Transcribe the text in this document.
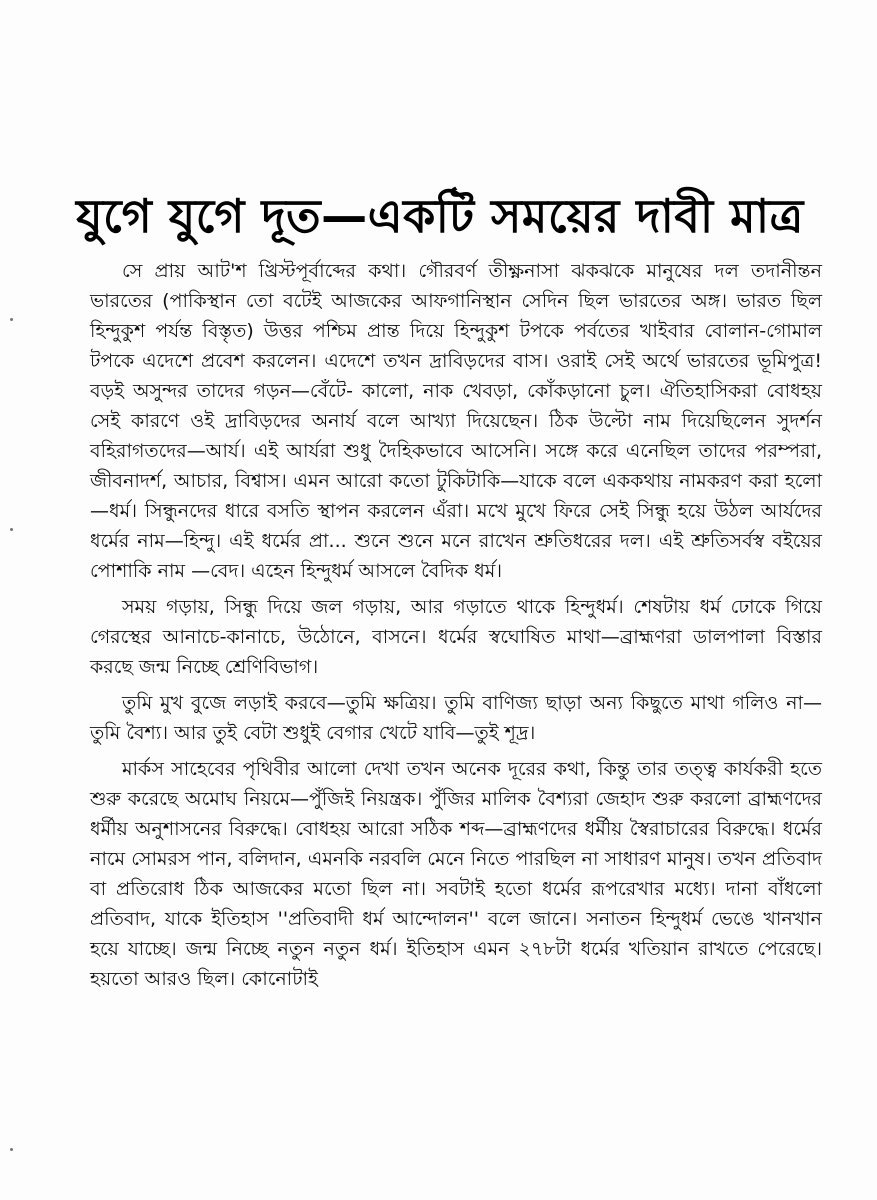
যুগে যুগে দূত—একটি সময়ের দাবী মাত্র

সে প্রায় আট'শ খ্রিস্টপূর্বাব্দের কথা। গৌরবর্ণ তীক্ষ্ণনাসা ঝকঝকে মানুষের দল তদানীন্তন ভারতের (পাকিস্থান তো বটেই আজকের আফগানিস্থান সেদিন ছিল ভারতের অঙ্গ। ভারত ছিল হিন্দুকুশ পর্যন্ত বিস্তৃত) উত্তর পশ্চিম প্রান্ত দিয়ে হিন্দুকুশ টপকে পর্বতের খাইবার বোলান-গোমাল টপকে এদেশে প্রবেশ করলেন। এদেশে তখন দ্রাবিড়দের বাস। ওরাই সেই অর্থে ভারতের ভূমিপুত্র! বড়ই অসুন্দর তাদের গড়ন—বেঁটে- কালো, নাক খেবড়া, কোঁকড়ানো চুল। ঐতিহাসিকরা বোধহয় সেই কারণে ওই দ্রাবিড়দের অনার্য বলে আখ্যা দিয়েছেন। ঠিক উল্টো নাম দিয়েছিলেন সুদর্শন বহিরাগতদের—আর্য। এই আর্যরা শুধু দৈহিকভাবে আসেনি। সঙ্গে করে এনেছিল তাদের পরম্পরা, জীবনাদর্শ, আচার, বিশ্বাস। এমন আরো কতো টুকিটাকি—যাকে বলে এককথায় নামকরণ করা হলো—ধর্ম। সিন্ধুনদের ধারে বসতি স্থাপন করলেন এঁরা। মখে মুখে ফিরে সেই সিন্ধু হয়ে উঠল আর্যদের ধর্মের নাম—হিন্দু। এই ধর্মের প্রা... শুনে শুনে মনে রাখেন শ্রুতিধরের দল। এই শ্রুতিসর্বস্ব বইয়ের পোশাকি নাম —বেদ। এহেন হিন্দুধর্ম আসলে বৈদিক ধর্ম।

সময় গড়ায়, সিন্ধু দিয়ে জল গড়ায়, আর গড়াতে থাকে হিন্দুধর্ম। শেষটায় ধর্ম ঢোকে গিয়ে গেরস্থের আনাচে-কানাচে, উঠোনে, বাসনে। ধর্মের স্বঘোষিত মাথা—ব্রাহ্মণরা ডালপালা বিস্তার করছে জন্ম নিচ্ছে শ্রেণিবিভাগ।

তুমি মুখ বুজে লড়াই করবে—তুমি ক্ষত্রিয়। তুমি বাণিজ্য ছাড়া অন্য কিছুতে মাথা গলিও না—তুমি বৈশ্য। আর তুই বেটা শুধুই বেগার খেটে যাবি—তুই শূদ্র।

মার্কস সাহেবের পৃথিবীর আলো দেখা তখন অনেক দূরের কথা, কিন্তু তার তত্ত্ব কার্যকরী হতে শুরু করেছে অমোঘ নিয়মে—পুঁজিই নিয়ন্ত্রক। পুঁজির মালিক বৈশ্যরা জেহাদ শুরু করলো ব্রাহ্মণদের ধর্মীয় অনুশাসনের বিরুদ্ধে। বোধহয় আরো সঠিক শব্দ—ব্রাহ্মণদের ধর্মীয় স্বৈরাচারের বিরুদ্ধে। ধর্মের নামে সোমরস পান, বলিদান, এমনকি নরবলি মেনে নিতে পারছিল না সাধারণ মানুষ। তখন প্রতিবাদ বা প্রতিরোধ ঠিক আজকের মতো ছিল না। সবটাই হতো ধর্মের রূপরেখার মধ্যে। দানা বাঁধলো প্রতিবাদ, যাকে ইতিহাস ''প্রতিবাদী ধর্ম আন্দোলন'' বলে জানে। সনাতন হিন্দুধর্ম ভেঙে খানখান হয়ে যাচ্ছে। জন্ম নিচ্ছে নতুন নতুন ধর্ম। ইতিহাস এমন ২৭৮টা ধর্মের খতিয়ান রাখতে পেরেছে। হয়তো আরও ছিল। কোনোটাই
